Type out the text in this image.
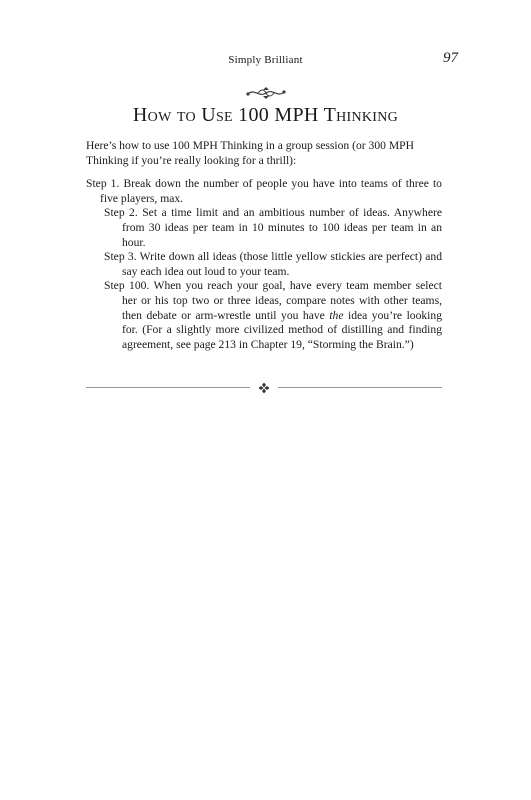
Simply Brilliant	97
How to Use 100 MPH Thinking

Here’s how to use 100 MPH Thinking in a group session (or 300 MPH Thinking if you’re really looking for a thrill):

Step 1. Break down the number of people you have into teams of three to five players, max.

Step 2. Set a time limit and an ambitious number of ideas. Anywhere from 30 ideas per team in 10 minutes to 100 ideas per team in an hour.

Step 3. Write down all ideas (those little yellow stickies are perfect) and say each idea out loud to your team.

Step 100. When you reach your goal, have every team member select her or his top two or three ideas, compare notes with other teams, then debate or arm-wrestle until you have the idea you’re looking for. (For a slightly more civilized method of distilling and finding agreement, see page 213 in Chapter 19, “Storming the Brain.”)
